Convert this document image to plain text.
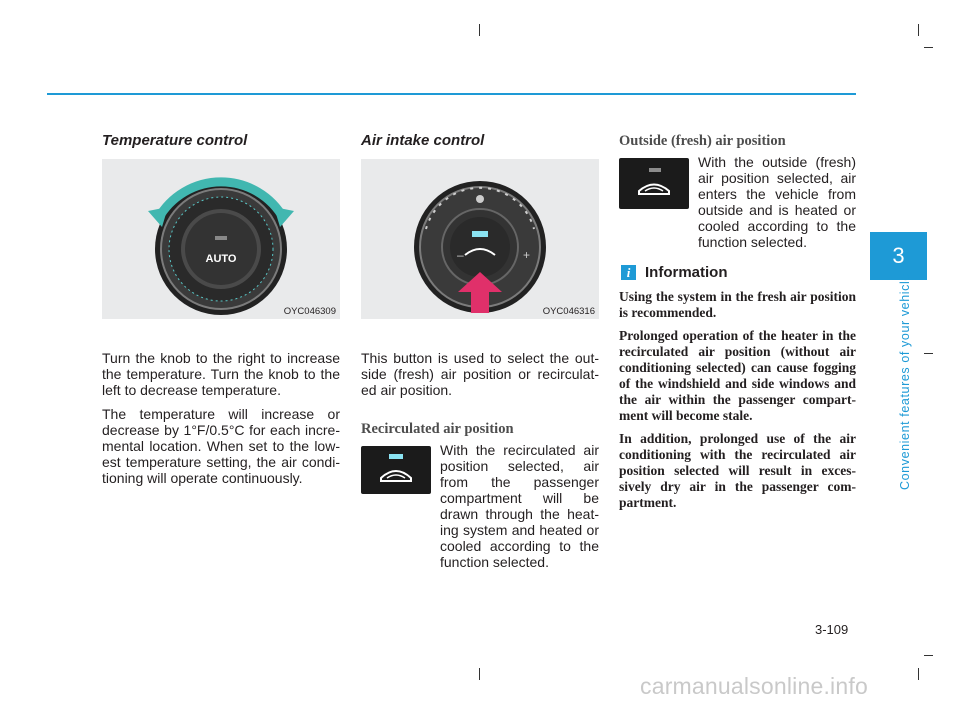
Temperature control
AUTO
OYC046309

Turn the knob to the right to increase the temperature. Turn the knob to the left to decrease temperature.

The temperature will increase or decrease by 1°F/0.5°C for each incre-mental location. When set to the low-est temperature setting, the air condi-tioning will operate continuously.

Air intake control
–	+
OYC046316
This button is used to select the out-side (fresh) air position or recirculat-ed air position.
Recirculated air position
With the recirculated air position selected, air from the passenger compartment will be drawn through the heat-ing system and heated or cooled according to the function selected.
Outside (fresh) air position
With the outside (fresh) air position selected, air enters the vehicle from outside and is heated or cooled according to the function selected.
i Information

Using the system in the fresh air position is recommended.

Prolonged operation of the heater in the recirculated air position (without air conditioning selected) can cause fogging of the windshield and side windows and the air within the passenger compart-ment will become stale.

In addition, prolonged use of the air conditioning with the recirculated air position selected will result in exces-sively dry air in the passenger com-partment.

3
Convenient features of your vehicle
3-109
carmanualsonline.info
